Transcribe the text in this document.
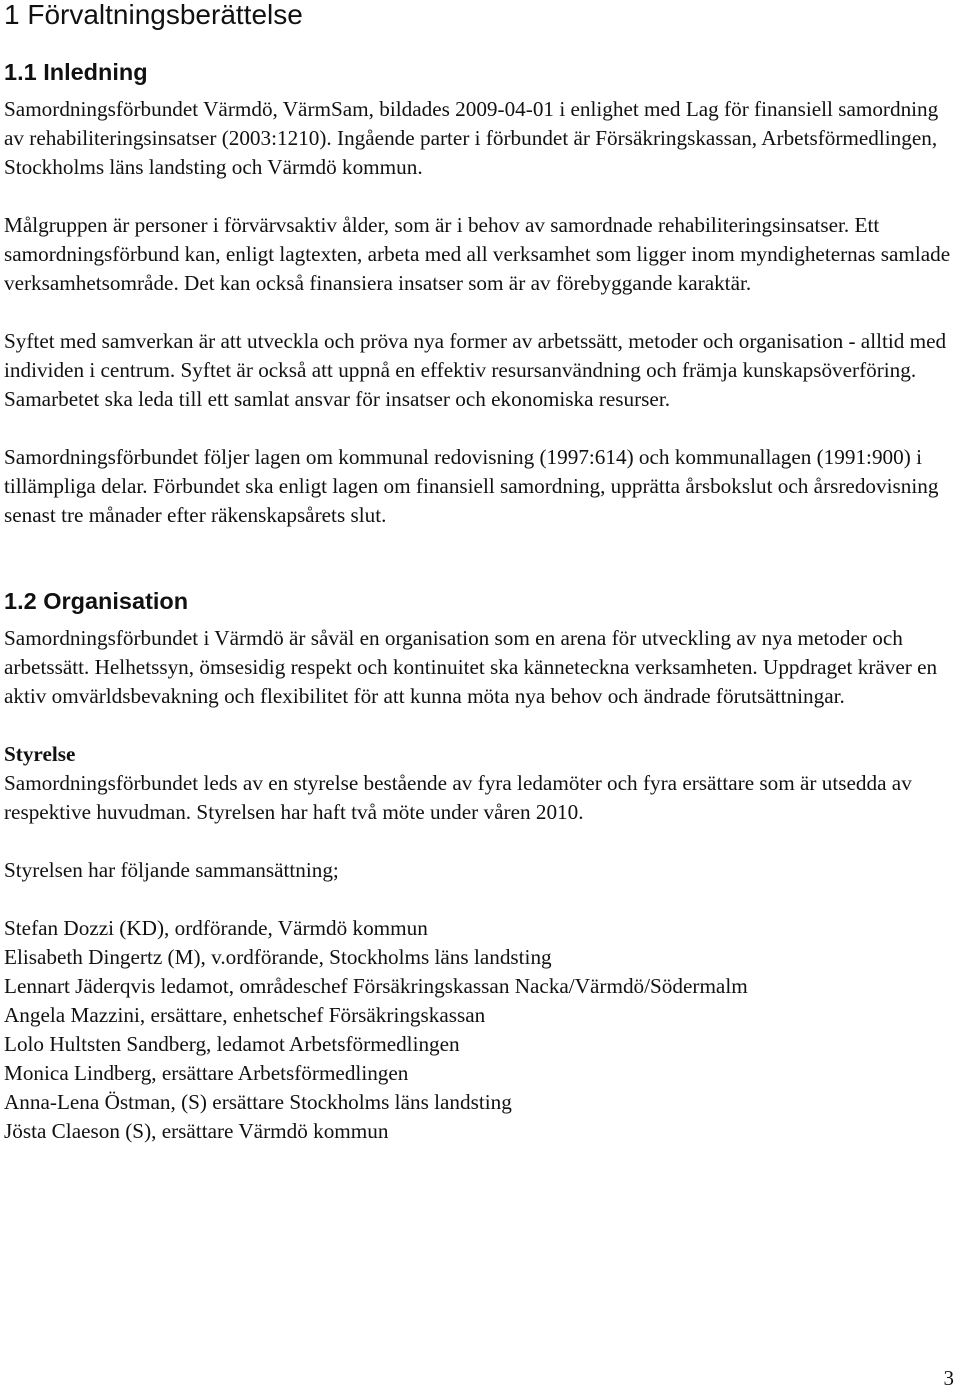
1 Förvaltningsberättelse
1.1 Inledning

Samordningsförbundet Värmdö, VärmSam, bildades 2009-04-01 i enlighet med Lag för finansiell samordning av rehabiliteringsinsatser (2003:1210). Ingående parter i förbundet är Försäkringskassan, Arbetsförmedlingen, Stockholms läns landsting och Värmdö kommun.

Målgruppen är personer i förvärvsaktiv ålder, som är i behov av samordnade rehabiliteringsinsatser. Ett samordningsförbund kan, enligt lagtexten, arbeta med all verksamhet som ligger inom myndigheternas samlade verksamhetsområde. Det kan också finansiera insatser som är av förebyggande karaktär.

Syftet med samverkan är att utveckla och pröva nya former av arbetssätt, metoder och organisation - alltid med individen i centrum. Syftet är också att uppnå en effektiv resursanvändning och främja kunskapsöverföring. Samarbetet ska leda till ett samlat ansvar för insatser och ekonomiska resurser.

Samordningsförbundet följer lagen om kommunal redovisning (1997:614) och kommunallagen (1991:900) i tillämpliga delar. Förbundet ska enligt lagen om finansiell samordning, upprätta årsbokslut och årsredovisning senast tre månader efter räkenskapsårets slut.

1.2 Organisation

Samordningsförbundet i Värmdö är såväl en organisation som en arena för utveckling av nya metoder och arbetssätt. Helhetssyn, ömsesidig respekt och kontinuitet ska känneteckna verksamheten. Uppdraget kräver en aktiv omvärldsbevakning och flexibilitet för att kunna möta nya behov och ändrade förutsättningar.

Styrelse

Samordningsförbundet leds av en styrelse bestående av fyra ledamöter och fyra ersättare som är utsedda av respektive huvudman. Styrelsen har haft två möte under våren 2010.

Styrelsen har följande sammansättning;

Stefan Dozzi (KD), ordförande, Värmdö kommun
Elisabeth Dingertz (M), v.ordförande, Stockholms läns landsting
Lennart Jäderqvis ledamot, områdeschef Försäkringskassan Nacka/Värmdö/Södermalm
Angela Mazzini, ersättare, enhetschef Försäkringskassan
Lolo Hultsten Sandberg, ledamot Arbetsförmedlingen
Monica Lindberg, ersättare Arbetsförmedlingen
Anna-Lena Östman, (S) ersättare Stockholms läns landsting
Jösta Claeson (S), ersättare Värmdö kommun
3
